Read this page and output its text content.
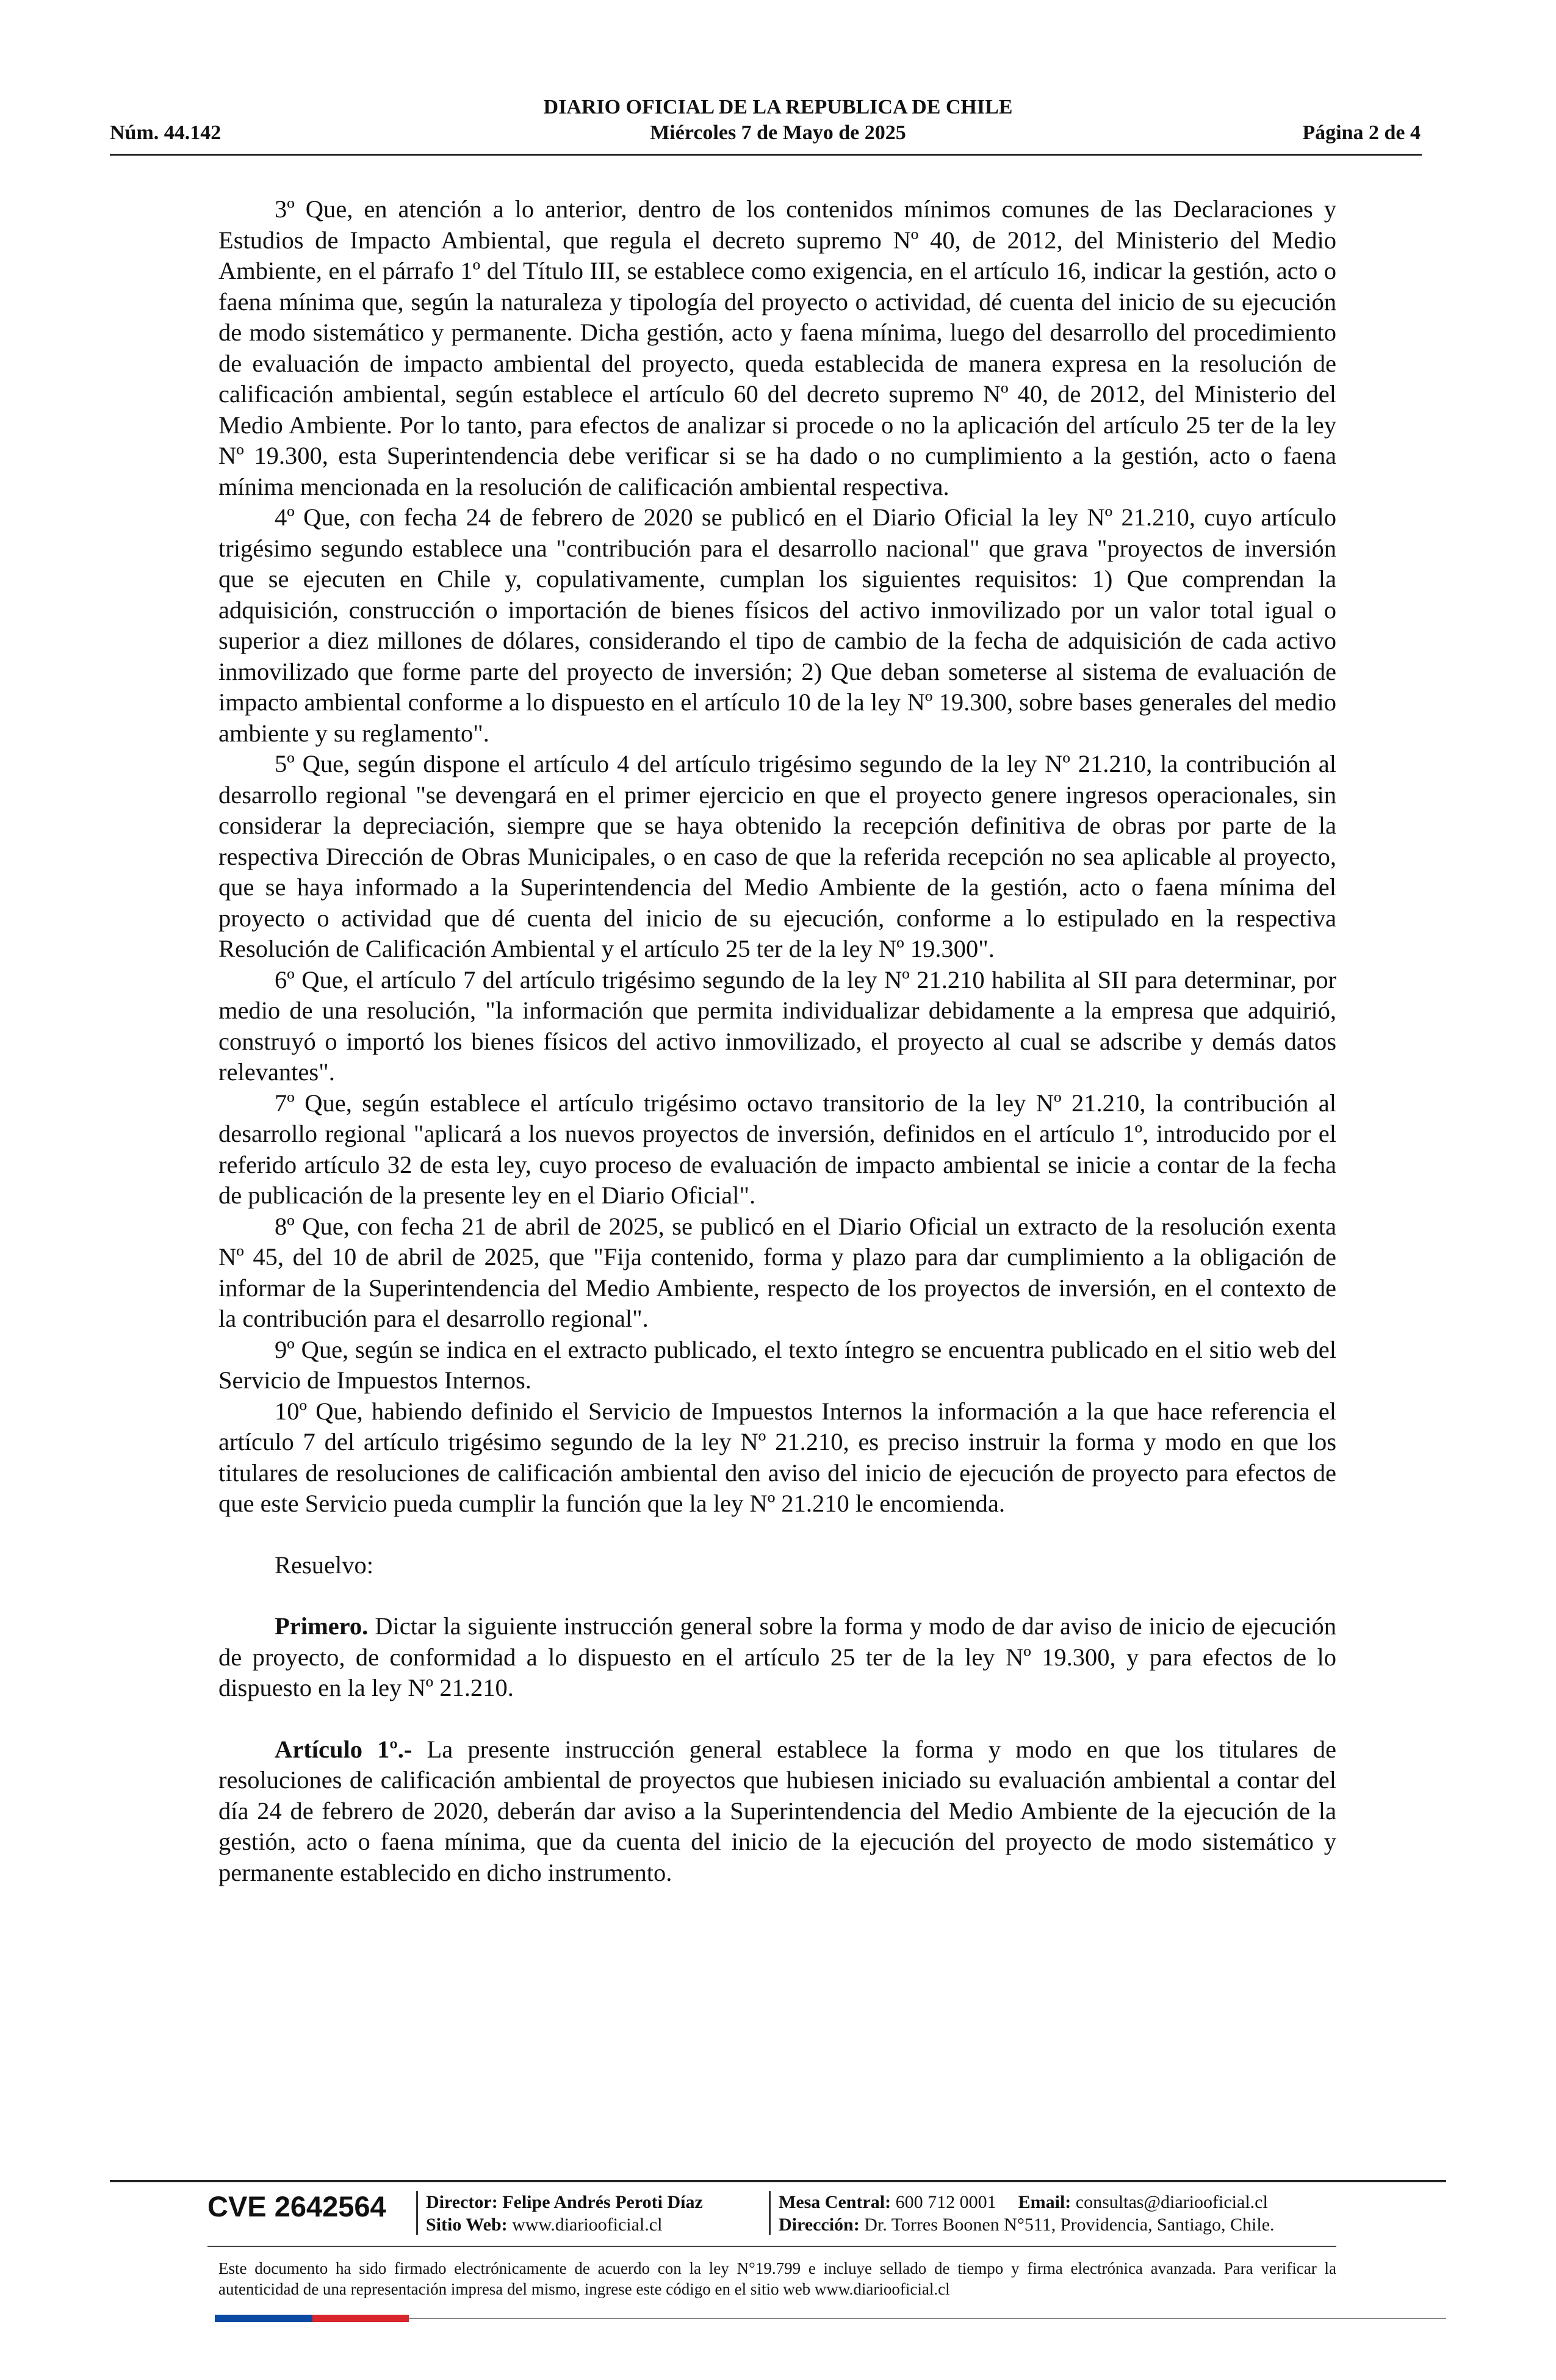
DIARIO OFICIAL DE LA REPUBLICA DE CHILE
Miércoles 7 de Mayo de 2025
Núm. 44.142	Página 2 de 4

3º Que, en atención a lo anterior, dentro de los contenidos mínimos comunes de las Declaraciones y Estudios de Impacto Ambiental, que regula el decreto supremo Nº 40, de 2012, del Ministerio del Medio Ambiente, en el párrafo 1º del Título III, se establece como exigencia, en el artículo 16, indicar la gestión, acto o faena mínima que, según la naturaleza y tipología del proyecto o actividad, dé cuenta del inicio de su ejecución de modo sistemático y permanente. Dicha gestión, acto y faena mínima, luego del desarrollo del procedimiento de evaluación de impacto ambiental del proyecto, queda establecida de manera expresa en la resolución de calificación ambiental, según establece el artículo 60 del decreto supremo Nº 40, de 2012, del Ministerio del Medio Ambiente. Por lo tanto, para efectos de analizar si procede o no la aplicación del artículo 25 ter de la ley Nº 19.300, esta Superintendencia debe verificar si se ha dado o no cumplimiento a la gestión, acto o faena mínima mencionada en la resolución de calificación ambiental respectiva.

4º Que, con fecha 24 de febrero de 2020 se publicó en el Diario Oficial la ley Nº 21.210, cuyo artículo trigésimo segundo establece una "contribución para el desarrollo nacional" que grava "proyectos de inversión que se ejecuten en Chile y, copulativamente, cumplan los siguientes requisitos: 1) Que comprendan la adquisición, construcción o importación de bienes físicos del activo inmovilizado por un valor total igual o superior a diez millones de dólares, considerando el tipo de cambio de la fecha de adquisición de cada activo inmovilizado que forme parte del proyecto de inversión; 2) Que deban someterse al sistema de evaluación de impacto ambiental conforme a lo dispuesto en el artículo 10 de la ley Nº 19.300, sobre bases generales del medio ambiente y su reglamento".

5º Que, según dispone el artículo 4 del artículo trigésimo segundo de la ley Nº 21.210, la contribución al desarrollo regional "se devengará en el primer ejercicio en que el proyecto genere ingresos operacionales, sin considerar la depreciación, siempre que se haya obtenido la recepción definitiva de obras por parte de la respectiva Dirección de Obras Municipales, o en caso de que la referida recepción no sea aplicable al proyecto, que se haya informado a la Superintendencia del Medio Ambiente de la gestión, acto o faena mínima del proyecto o actividad que dé cuenta del inicio de su ejecución, conforme a lo estipulado en la respectiva Resolución de Calificación Ambiental y el artículo 25 ter de la ley Nº 19.300".

6º Que, el artículo 7 del artículo trigésimo segundo de la ley Nº 21.210 habilita al SII para determinar, por medio de una resolución, "la información que permita individualizar debidamente a la empresa que adquirió, construyó o importó los bienes físicos del activo inmovilizado, el proyecto al cual se adscribe y demás datos relevantes".

7º Que, según establece el artículo trigésimo octavo transitorio de la ley Nº 21.210, la contribución al desarrollo regional "aplicará a los nuevos proyectos de inversión, definidos en el artículo 1º, introducido por el referido artículo 32 de esta ley, cuyo proceso de evaluación de impacto ambiental se inicie a contar de la fecha de publicación de la presente ley en el Diario Oficial".

8º Que, con fecha 21 de abril de 2025, se publicó en el Diario Oficial un extracto de la resolución exenta Nº 45, del 10 de abril de 2025, que "Fija contenido, forma y plazo para dar cumplimiento a la obligación de informar de la Superintendencia del Medio Ambiente, respecto de los proyectos de inversión, en el contexto de la contribución para el desarrollo regional".

9º Que, según se indica en el extracto publicado, el texto íntegro se encuentra publicado en el sitio web del Servicio de Impuestos Internos.

10º Que, habiendo definido el Servicio de Impuestos Internos la información a la que hace referencia el artículo 7 del artículo trigésimo segundo de la ley Nº 21.210, es preciso instruir la forma y modo en que los titulares de resoluciones de calificación ambiental den aviso del inicio de ejecución de proyecto para efectos de que este Servicio pueda cumplir la función que la ley Nº 21.210 le encomienda.

Resuelvo:

Primero. Dictar la siguiente instrucción general sobre la forma y modo de dar aviso de inicio de ejecución de proyecto, de conformidad a lo dispuesto en el artículo 25 ter de la ley Nº 19.300, y para efectos de lo dispuesto en la ley Nº 21.210.

Artículo 1º.- La presente instrucción general establece la forma y modo en que los titulares de resoluciones de calificación ambiental de proyectos que hubiesen iniciado su evaluación ambiental a contar del día 24 de febrero de 2020, deberán dar aviso a la Superintendencia del Medio Ambiente de la ejecución de la gestión, acto o faena mínima, que da cuenta del inicio de la ejecución del proyecto de modo sistemático y permanente establecido en dicho instrumento.

CVE 2642564 Director: Felipe Andrés Peroti Díaz
Sitio Web: www.diariooficial.cl
Mesa Central: 600 712 0001 Email: consultas@diariooficial.cl
Dirección: Dr. Torres Boonen N°511, Providencia, Santiago, Chile.
Este documento ha sido firmado electrónicamente de acuerdo con la ley N°19.799 e incluye sellado de tiempo y firma electrónica avanzada. Para verificar la autenticidad de una representación impresa del mismo, ingrese este código en el sitio web www.diariooficial.cl
